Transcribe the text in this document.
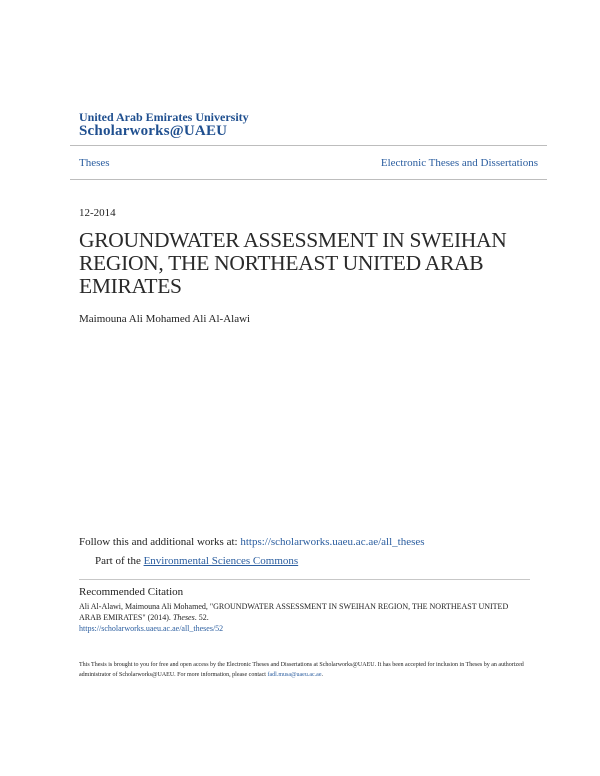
United Arab Emirates University
Scholarworks@UAEU
Theses	Electronic Theses and Dissertations
12-2014
GROUNDWATER ASSESSMENT IN SWEIHAN REGION, THE NORTHEAST UNITED ARAB EMIRATES
Maimouna Ali Mohamed Ali Al-Alawi
Follow this and additional works at: https://scholarworks.uaeu.ac.ae/all_theses
Part of the Environmental Sciences Commons
Recommended Citation
Ali Al-Alawi, Maimouna Ali Mohamed, "GROUNDWATER ASSESSMENT IN SWEIHAN REGION, THE NORTHEAST UNITED ARAB EMIRATES" (2014). Theses. 52.
https://scholarworks.uaeu.ac.ae/all_theses/52
This Thesis is brought to you for free and open access by the Electronic Theses and Dissertations at Scholarworks@UAEU. It has been accepted for inclusion in Theses by an authorized administrator of Scholarworks@UAEU. For more information, please contact fadl.musa@uaeu.ac.ae.
